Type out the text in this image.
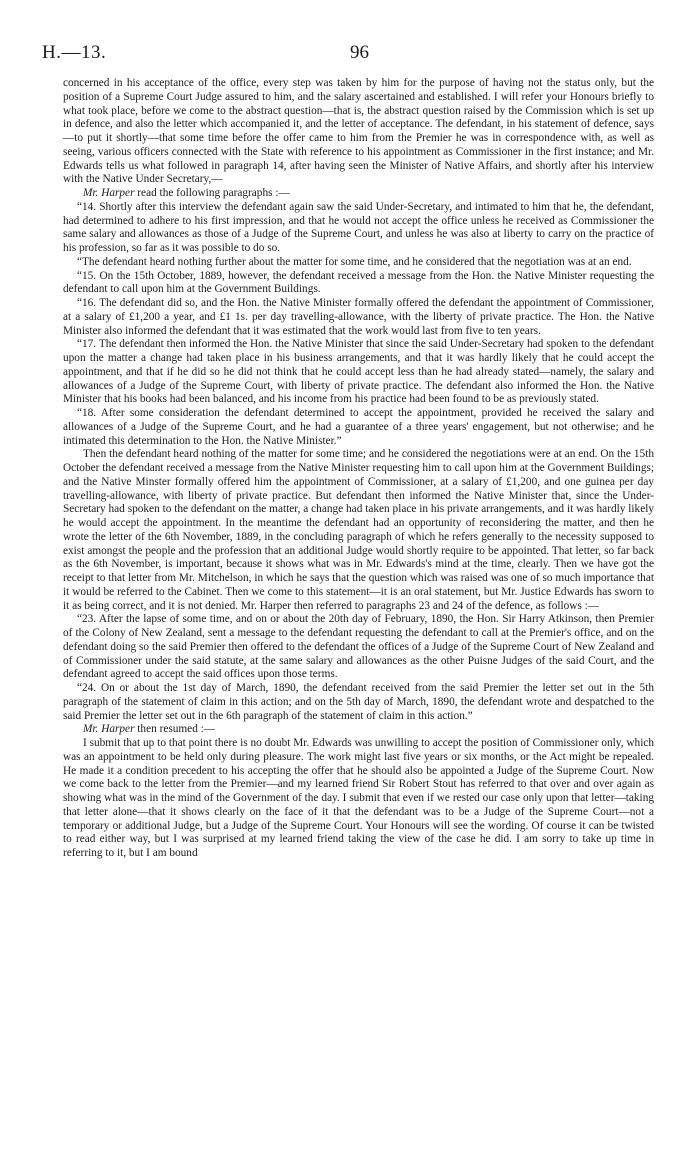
H.—13.	96

concerned in his acceptance of the office, every step was taken by him for the purpose of having not the status only, but the position of a Supreme Court Judge assured to him, and the salary ascertained and established. I will refer your Honours briefly to what took place, before we come to the abstract question—that is, the abstract question raised by the Commission which is set up in defence, and also the letter which accompanied it, and the letter of acceptance. The defendant, in his statement of defence, says—to put it shortly—that some time before the offer came to him from the Premier he was in correspondence with, as well as seeing, various officers connected with the State with reference to his appointment as Commissioner in the first instance; and Mr. Edwards tells us what followed in paragraph 14, after having seen the Minister of Native Affairs, and shortly after his interview with the Native Under Secretary,—

Mr. Harper read the following paragraphs :—

“14. Shortly after this interview the defendant again saw the said Under-Secretary, and intimated to him that he, the defendant, had determined to adhere to his first impression, and that he would not accept the office unless he received as Commissioner the same salary and allowances as those of a Judge of the Supreme Court, and unless he was also at liberty to carry on the practice of his profession, so far as it was possible to do so.

“The defendant heard nothing further about the matter for some time, and he considered that the negotiation was at an end.

“15. On the 15th October, 1889, however, the defendant received a message from the Hon. the Native Minister requesting the defendant to call upon him at the Government Buildings.

“16. The defendant did so, and the Hon. the Native Minister formally offered the defendant the appointment of Commissioner, at a salary of £1,200 a year, and £1 1s. per day travelling-allowance, with the liberty of private practice. The Hon. the Native Minister also informed the defendant that it was estimated that the work would last from five to ten years.

“17. The defendant then informed the Hon. the Native Minister that since the said Under-Secretary had spoken to the defendant upon the matter a change had taken place in his business arrangements, and that it was hardly likely that he could accept the appointment, and that if he did so he did not think that he could accept less than he had already stated—namely, the salary and allowances of a Judge of the Supreme Court, with liberty of private practice. The defendant also informed the Hon. the Native Minister that his books had been balanced, and his income from his practice had been found to be as previously stated.

“18. After some consideration the defendant determined to accept the appointment, provided he received the salary and allowances of a Judge of the Supreme Court, and he had a guarantee of a three years' engagement, but not otherwise; and he intimated this determination to the Hon. the Native Minister.”

Then the defendant heard nothing of the matter for some time; and he considered the negotiations were at an end. On the 15th October the defendant received a message from the Native Minister requesting him to call upon him at the Government Buildings; and the Native Minster formally offered him the appointment of Commissioner, at a salary of £1,200, and one guinea per day travelling-allowance, with liberty of private practice. But defendant then informed the Native Minister that, since the Under-Secretary had spoken to the defendant on the matter, a change had taken place in his private arrangements, and it was hardly likely he would accept the appointment. In the meantime the defendant had an opportunity of reconsidering the matter, and then he wrote the letter of the 6th November, 1889, in the concluding paragraph of which he refers generally to the necessity supposed to exist amongst the people and the profession that an additional Judge would shortly require to be appointed. That letter, so far back as the 6th November, is important, because it shows what was in Mr. Edwards's mind at the time, clearly. Then we have got the receipt to that letter from Mr. Mitchelson, in which he says that the question which was raised was one of so much importance that it would be referred to the Cabinet. Then we come to this statement—it is an oral statement, but Mr. Justice Edwards has sworn to it as being correct, and it is not denied. Mr. Harper then referred to paragraphs 23 and 24 of the defence, as follows :—

“23. After the lapse of some time, and on or about the 20th day of February, 1890, the Hon. Sir Harry Atkinson, then Premier of the Colony of New Zealand, sent a message to the defendant requesting the defendant to call at the Premier's office, and on the defendant doing so the said Premier then offered to the defendant the offices of a Judge of the Supreme Court of New Zealand and of Commissioner under the said statute, at the same salary and allowances as the other Puisne Judges of the said Court, and the defendant agreed to accept the said offices upon those terms.

“24. On or about the 1st day of March, 1890, the defendant received from the said Premier the letter set out in the 5th paragraph of the statement of claim in this action; and on the 5th day of March, 1890, the defendant wrote and despatched to the said Premier the letter set out in the 6th paragraph of the statement of claim in this action.”

Mr. Harper then resumed :—

I submit that up to that point there is no doubt Mr. Edwards was unwilling to accept the position of Commissioner only, which was an appointment to be held only during pleasure. The work might last five years or six months, or the Act might be repealed. He made it a condition precedent to his accepting the offer that he should also be appointed a Judge of the Supreme Court. Now we come back to the letter from the Premier—and my learned friend Sir Robert Stout has referred to that over and over again as showing what was in the mind of the Government of the day. I submit that even if we rested our case only upon that letter—taking that letter alone—that it shows clearly on the face of it that the defendant was to be a Judge of the Supreme Court—not a temporary or additional Judge, but a Judge of the Supreme Court. Your Honours will see the wording. Of course it can be twisted to read either way, but I was surprised at my learned friend taking the view of the case he did. I am sorry to take up time in referring to it, but I am bound
